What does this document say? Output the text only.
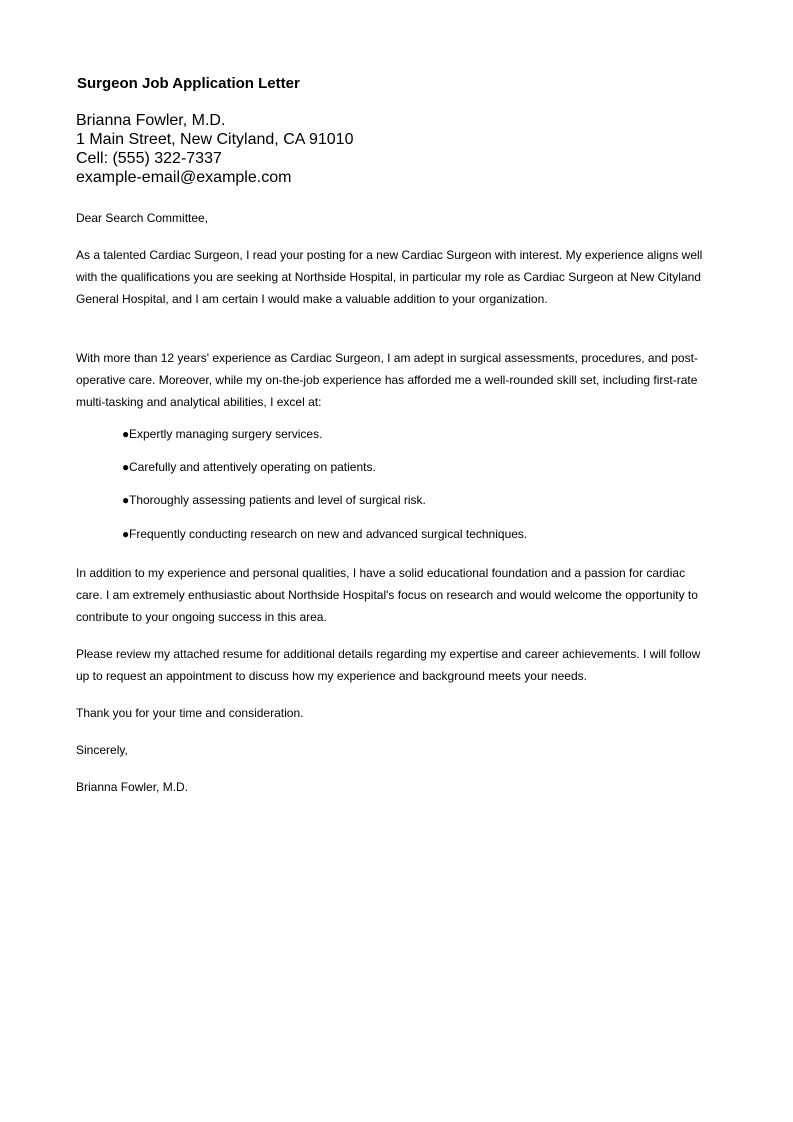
Surgeon Job Application Letter
Brianna Fowler, M.D.
1 Main Street, New Cityland, CA 91010
Cell: (555) 322-7337
example-email@example.com
Dear Search Committee,
As a talented Cardiac Surgeon, I read your posting for a new Cardiac Surgeon with interest. My experience aligns well with the qualifications you are seeking at Northside Hospital, in particular my role as Cardiac Surgeon at New Cityland General Hospital, and I am certain I would make a valuable addition to your organization.
With more than 12 years' experience as Cardiac Surgeon, I am adept in surgical assessments, procedures, and post-operative care. Moreover, while my on-the-job experience has afforded me a well-rounded skill set, including first-rate multi-tasking and analytical abilities, I excel at:
●Expertly managing surgery services.
●Carefully and attentively operating on patients.
●Thoroughly assessing patients and level of surgical risk.
●Frequently conducting research on new and advanced surgical techniques.
In addition to my experience and personal qualities, I have a solid educational foundation and a passion for cardiac care. I am extremely enthusiastic about Northside Hospital's focus on research and would welcome the opportunity to contribute to your ongoing success in this area.
Please review my attached resume for additional details regarding my expertise and career achievements. I will follow up to request an appointment to discuss how my experience and background meets your needs.
Thank you for your time and consideration.
Sincerely,
Brianna Fowler, M.D.
